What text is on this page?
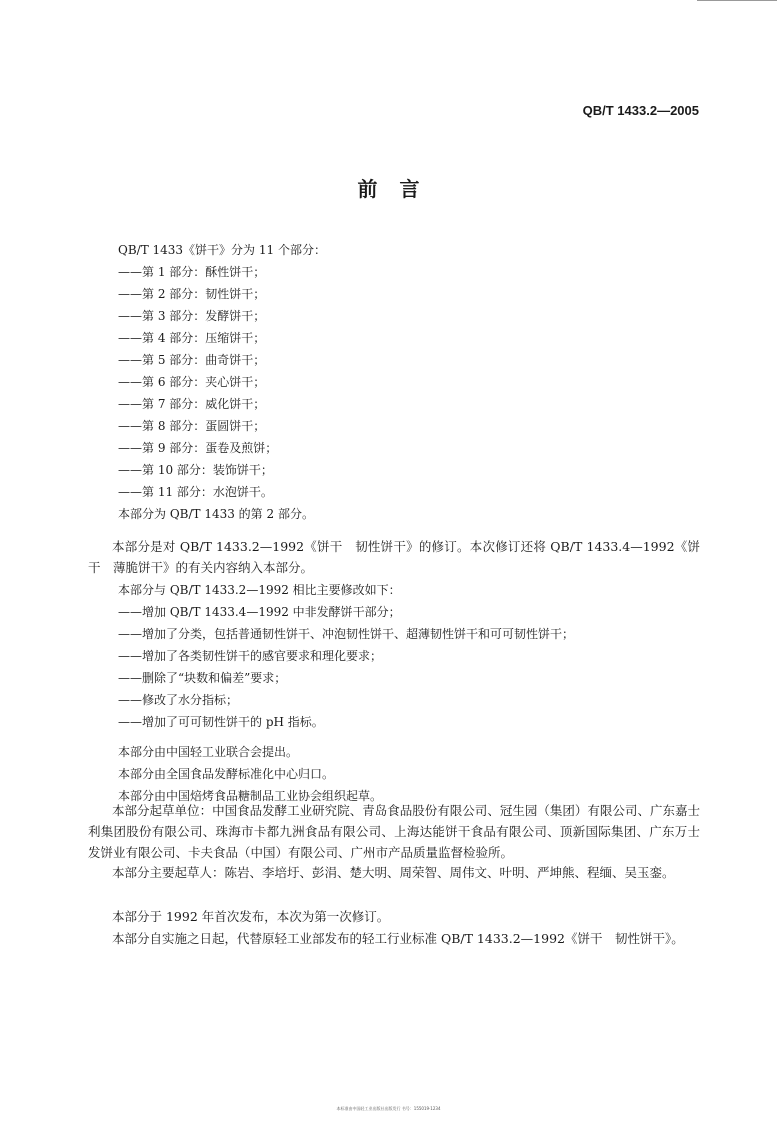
QB/T 1433.2—2005
前言
QB/T 1433《饼干》分为 11 个部分：
——第 1 部分：酥性饼干；
——第 2 部分：韧性饼干；
——第 3 部分：发酵饼干；
——第 4 部分：压缩饼干；
——第 5 部分：曲奇饼干；
——第 6 部分：夹心饼干；
——第 7 部分：威化饼干；
——第 8 部分：蛋圆饼干；
——第 9 部分：蛋卷及煎饼；
——第 10 部分：装饰饼干；
——第 11 部分：水泡饼干。
本部分为 QB/T 1433 的第 2 部分。
本部分是对 QB/T 1433.2—1992《饼干　韧性饼干》的修订。本次修订还将 QB/T 1433.4—1992《饼干　薄脆饼干》的有关内容纳入本部分。
本部分与 QB/T 1433.2—1992 相比主要修改如下：
——增加 QB/T 1433.4—1992 中非发酵饼干部分；
——增加了分类，包括普通韧性饼干、冲泡韧性饼干、超薄韧性饼干和可可韧性饼干；
——增加了各类韧性饼干的感官要求和理化要求；
——删除了“块数和偏差”要求；
——修改了水分指标；
——增加了可可韧性饼干的 pH 指标。
本部分由中国轻工业联合会提出。
本部分由全国食品发酵标准化中心归口。
本部分由中国焙烤食品糖制品工业协会组织起草。
本部分起草单位：中国食品发酵工业研究院、青岛食品股份有限公司、冠生园（集团）有限公司、广东嘉士利集团股份有限公司、珠海市卡都九洲食品有限公司、上海达能饼干食品有限公司、顶新国际集团、广东万士发饼业有限公司、卡夫食品（中国）有限公司、广州市产品质量监督检验所。
本部分主要起草人：陈岩、李培圩、彭涓、楚大明、周荣智、周伟文、叶明、严坤熊、程缅、吴玉銮。
本部分于 1992 年首次发布，本次为第一次修订。
本部分自实施之日起，代替原轻工业部发布的轻工行业标准 QB/T 1433.2—1992《饼干　韧性饼干》。
本标准由中国轻工业出版社出版发行 书号：155019·1234
